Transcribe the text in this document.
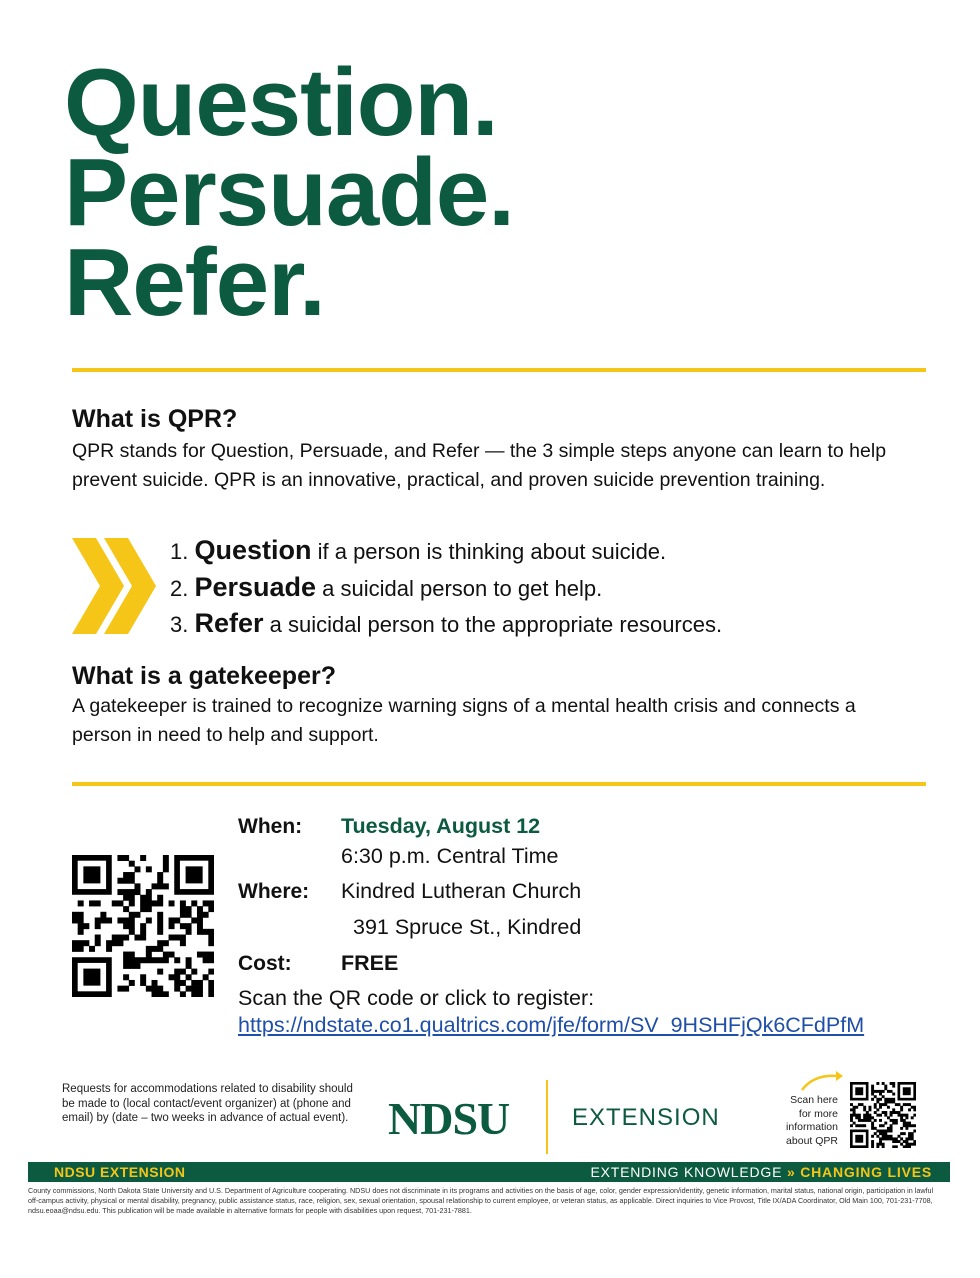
Question.
Persuade.
Refer.
What is QPR?

QPR stands for Question, Persuade, and Refer — the 3 simple steps anyone can learn to help prevent suicide. QPR is an innovative, practical, and proven suicide prevention training.

1. Question if a person is thinking about suicide.
2. Persuade a suicidal person to get help.
3. Refer a suicidal person to the appropriate resources.
What is a gatekeeper?

A gatekeeper is trained to recognize warning signs of a mental health crisis and connects a person in need to help and support.

When: Tuesday, August 12
6:30 p.m. Central Time
Where: Kindred Lutheran Church
391 Spruce St., Kindred
Cost: FREE
Scan the QR code or click to register:
https://ndstate.co1.qualtrics.com/jfe/form/SV_9HSHFjQk6CFdPfM

Requests for accommodations related to disability should be made to (local contact/event organizer) at (phone and email) by (date – two weeks in advance of actual event). NDSU	EXTENSION
Scan here for more information about QPR
NDSU EXTENSION	EXTENDING KNOWLEDGE » CHANGING LIVES

County commissions, North Dakota State University and U.S. Department of Agriculture cooperating. NDSU does not discriminate in its programs and activities on the basis of age, color, gender expression/identity, genetic information, marital status, national origin, participation in lawful off-campus activity, physical or mental disability, pregnancy, public assistance status, race, religion, sex, sexual orientation, spousal relationship to current employee, or veteran status, as applicable. Direct inquiries to Vice Provost, Title IX/ADA Coordinator, Old Main 100, 701-231-7708, ndsu.eoaa@ndsu.edu. This publication will be made available in alternative formats for people with disabilities upon request, 701-231-7881.
